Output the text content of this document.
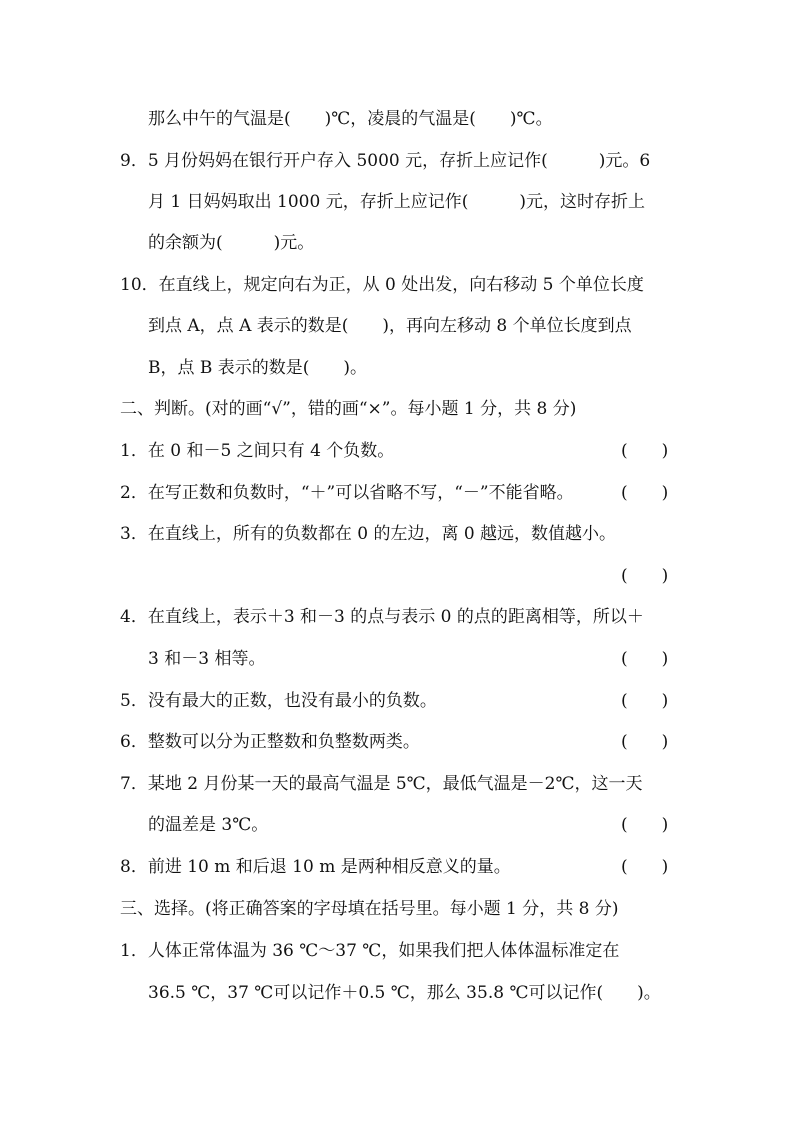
那么中午的气温是(　　)℃，凌晨的气温是(　　)℃。
9．5 月份妈妈在银行开户存入 5000 元，存折上应记作(　　　)元。6
月 1 日妈妈取出 1000 元，存折上应记作(　　　)元，这时存折上
的余额为(　　　)元。
10．在直线上，规定向右为正，从 0 处出发，向右移动 5 个单位长度
到点 A，点 A 表示的数是(　　)，再向左移动 8 个单位长度到点
B，点 B 表示的数是(　　)。
二、判断。(对的画“√”，错的画“×”。每小题 1 分，共 8 分)
1．在 0 和－5 之间只有 4 个负数。
2．在写正数和负数时，“＋”可以省略不写，“－”不能省略。
3．在直线上，所有的负数都在 0 的左边，离 0 越远，数值越小。
4．在直线上，表示＋3 和－3 的点与表示 0 的点的距离相等，所以＋
3 和－3 相等。
5．没有最大的正数，也没有最小的负数。
6．整数可以分为正整数和负整数两类。
7．某地 2 月份某一天的最高气温是 5℃，最低气温是－2℃，这一天
的温差是 3℃。
8．前进 10 m 和后退 10 m 是两种相反意义的量。
三、选择。(将正确答案的字母填在括号里。每小题 1 分，共 8 分)
1．人体正常体温为 36 ℃～37 ℃，如果我们把人体体温标准定在
36.5 ℃，37 ℃可以记作＋0.5 ℃，那么 35.8 ℃可以记作(　　)。
(　　)
(　　)
(　　)
(　　)
(　　)
(　　)
(　　)
(　　)
